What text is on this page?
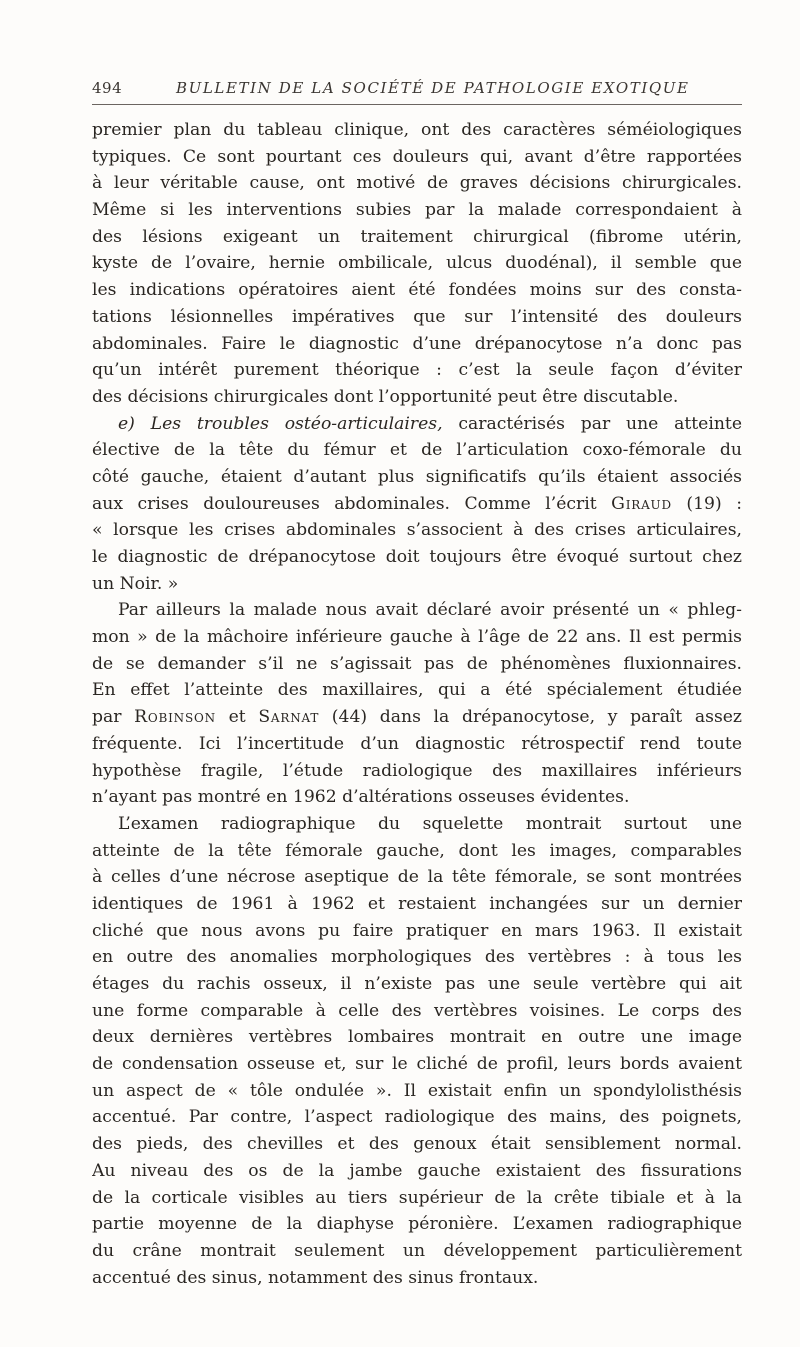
494	BULLETIN DE LA SOCIÉTÉ DE PATHOLOGIE EXOTIQUE
premier plan du tableau clinique, ont des caractères séméiologiques
typiques. Ce sont pourtant ces douleurs qui, avant d’être rapportées
à leur véritable cause, ont motivé de graves décisions chirurgicales.
Même si les interventions subies par la malade correspondaient à
des lésions exigeant un traitement chirurgical (fibrome utérin,
kyste de l’ovaire, hernie ombilicale, ulcus duodénal), il semble que
les indications opératoires aient été fondées moins sur des consta-
tations lésionnelles impératives que sur l’intensité des douleurs
abdominales. Faire le diagnostic d’une drépanocytose n’a donc pas
qu’un intérêt purement théorique : c’est la seule façon d’éviter
des décisions chirurgicales dont l’opportunité peut être discutable.
e) Les troubles ostéo-articulaires, caractérisés par une atteinte
élective de la tête du fémur et de l’articulation coxo-fémorale du
côté gauche, étaient d’autant plus significatifs qu’ils étaient associés
aux crises douloureuses abdominales. Comme l’écrit Giraud (19) :
« lorsque les crises abdominales s’associent à des crises articulaires,
le diagnostic de drépanocytose doit toujours être évoqué surtout chez
un Noir. »
Par ailleurs la malade nous avait déclaré avoir présenté un « phleg-
mon » de la mâchoire inférieure gauche à l’âge de 22 ans. Il est permis
de se demander s’il ne s’agissait pas de phénomènes fluxionnaires.
En effet l’atteinte des maxillaires, qui a été spécialement étudiée
par Robinson et Sarnat (44) dans la drépanocytose, y paraît assez
fréquente. Ici l’incertitude d’un diagnostic rétrospectif rend toute
hypothèse fragile, l’étude radiologique des maxillaires inférieurs
n’ayant pas montré en 1962 d’altérations osseuses évidentes.
L’examen radiographique du squelette montrait surtout une
atteinte de la tête fémorale gauche, dont les images, comparables
à celles d’une nécrose aseptique de la tête fémorale, se sont montrées
identiques de 1961 à 1962 et restaient inchangées sur un dernier
cliché que nous avons pu faire pratiquer en mars 1963. Il existait
en outre des anomalies morphologiques des vertèbres : à tous les
étages du rachis osseux, il n’existe pas une seule vertèbre qui ait
une forme comparable à celle des vertèbres voisines. Le corps des
deux dernières vertèbres lombaires montrait en outre une image
de condensation osseuse et, sur le cliché de profil, leurs bords avaient
un aspect de « tôle ondulée ». Il existait enfin un spondylolisthésis
accentué. Par contre, l’aspect radiologique des mains, des poignets,
des pieds, des chevilles et des genoux était sensiblement normal.
Au niveau des os de la jambe gauche existaient des fissurations
de la corticale visibles au tiers supérieur de la crête tibiale et à la
partie moyenne de la diaphyse péronière. L’examen radiographique
du crâne montrait seulement un développement particulièrement
accentué des sinus, notamment des sinus frontaux.
